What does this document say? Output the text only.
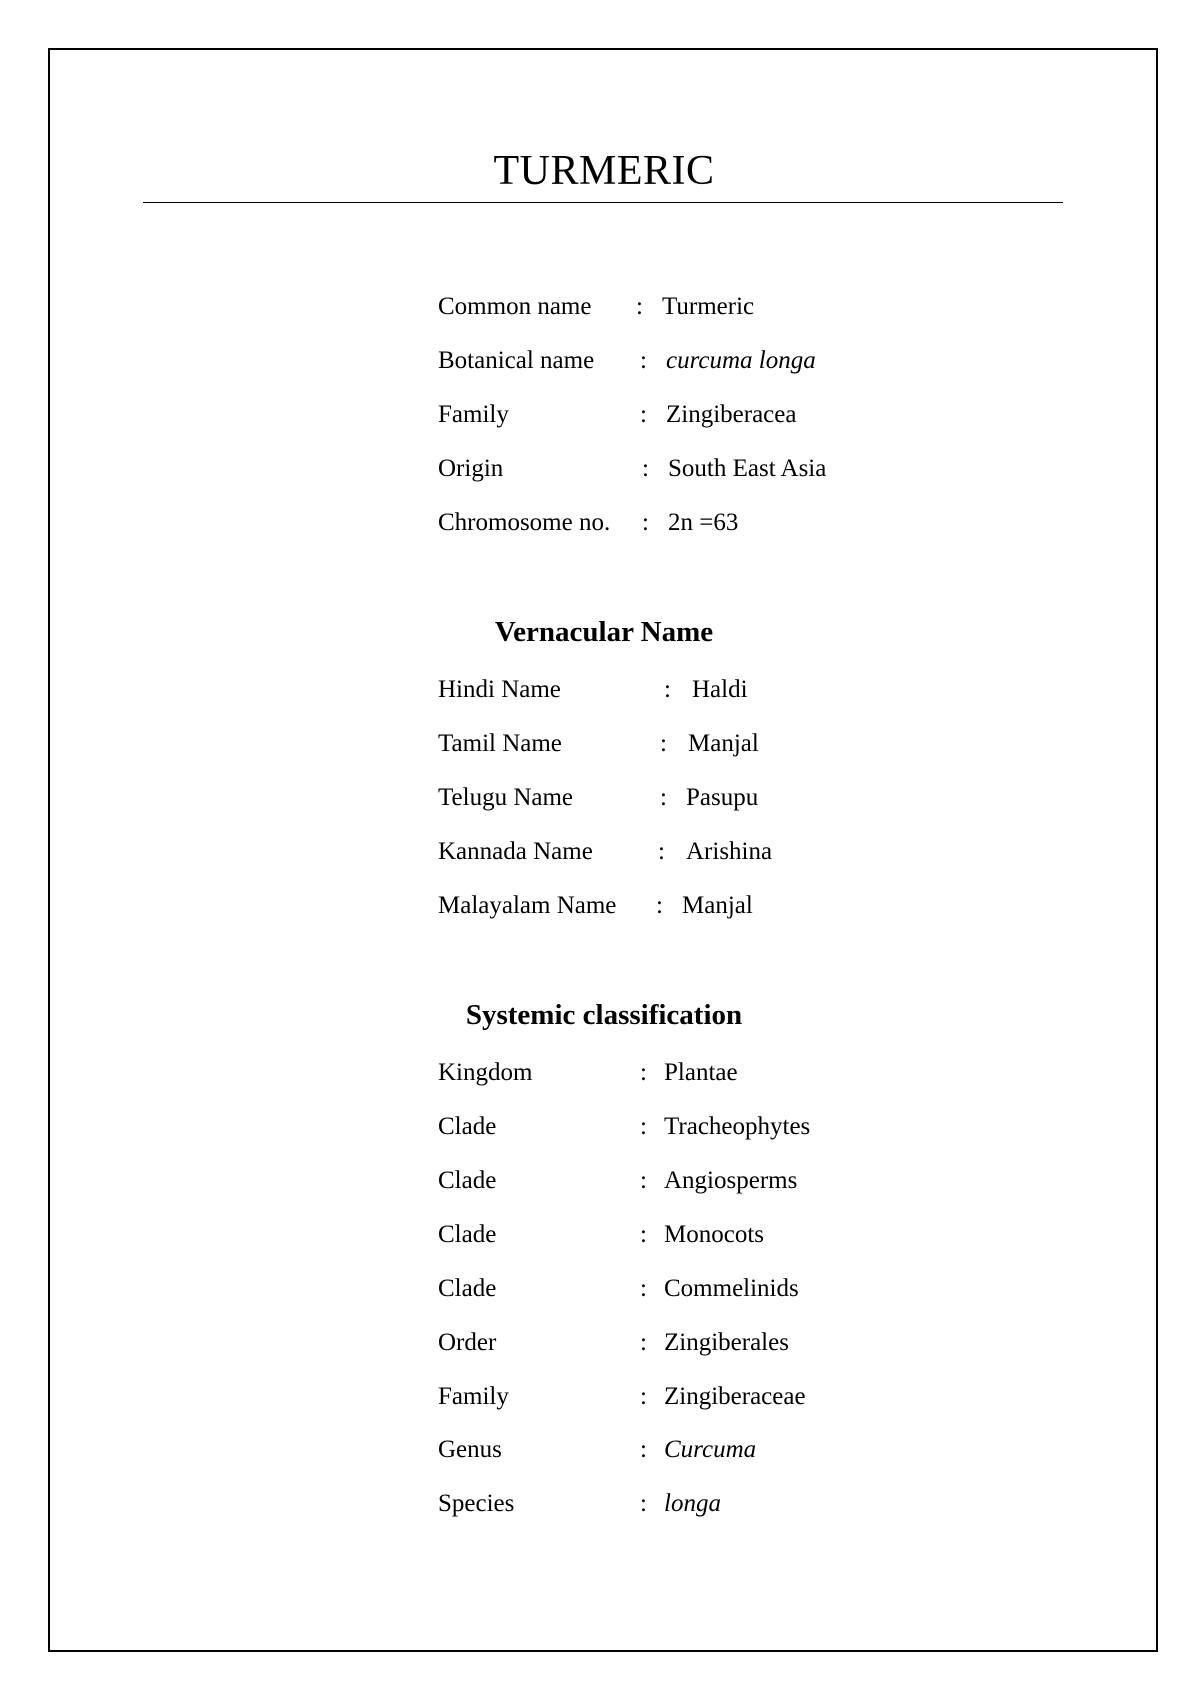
TURMERIC
Common name : Turmeric
Botanical name : curcuma longa
Family	: Zingiberacea
Origin	: South East Asia
Chromosome no. : 2n =63
Vernacular Name
Hindi Name	: Haldi
Tamil Name	: Manjal
Telugu Name	: Pasupu
Kannada Name	: Arishina
Malayalam Name : Manjal
Systemic classification
Kingdom	: Plantae
Clade	: Tracheophytes
Clade	: Angiosperms
Clade	: Monocots
Clade	: Commelinids
Order	: Zingiberales
Family	: Zingiberaceae
Genus	: Curcuma
Species	: longa
